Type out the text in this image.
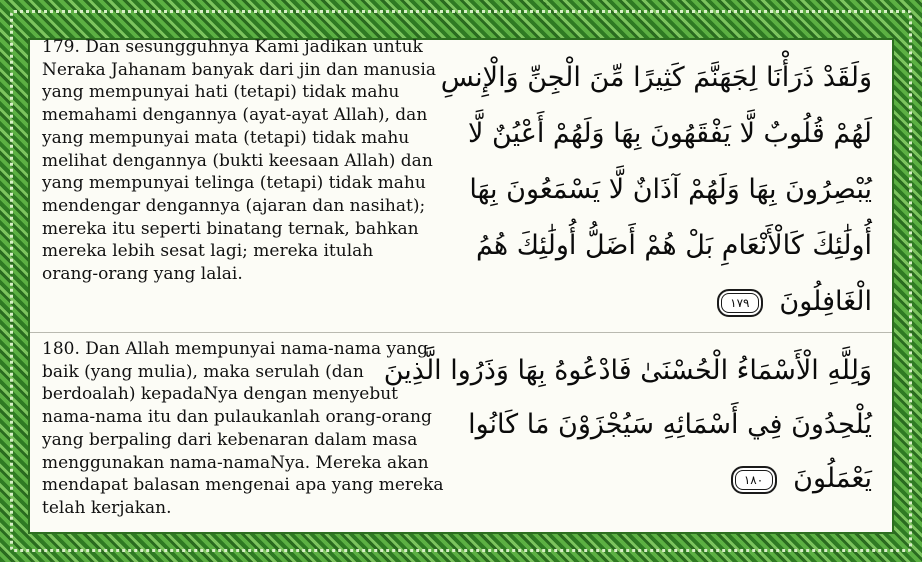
179. Dan sesungguhnya Kami jadikan untuk
Neraka Jahanam banyak dari jin dan manusia
yang mempunyai hati (tetapi) tidak mahu
memahami dengannya (ayat-ayat Allah), dan
yang mempunyai mata (tetapi) tidak mahu
melihat dengannya (bukti keesaan Allah) dan
yang mempunyai telinga (tetapi) tidak mahu
mendengar dengannya (ajaran dan nasihat);
mereka itu seperti binatang ternak, bahkan
mereka lebih sesat lagi; mereka itulah
orang-orang yang lalai.

وَلَقَدْ ذَرَأْنَا لِجَهَنَّمَ كَثِيرًا مِّنَ الْجِنِّ وَالْإِنسِ
لَهُمْ قُلُوبٌ لَّا يَفْقَهُونَ بِهَا وَلَهُمْ أَعْيُنٌ لَّا
يُبْصِرُونَ بِهَا وَلَهُمْ آذَانٌ لَّا يَسْمَعُونَ بِهَا
أُولَٰئِكَ كَالْأَنْعَامِ بَلْ هُمْ أَضَلُّ أُولَٰئِكَ هُمُ
الْغَافِلُونَ ١٧٩

180. Dan Allah mempunyai nama-nama yang
baik (yang mulia), maka serulah (dan
berdoalah) kepadaNya dengan menyebut
nama-nama itu dan pulaukanlah orang-orang
yang berpaling dari kebenaran dalam masa
menggunakan nama-namaNya. Mereka akan
mendapat balasan mengenai apa yang mereka
telah kerjakan.

وَلِلَّهِ الْأَسْمَاءُ الْحُسْنَىٰ فَادْعُوهُ بِهَا وَذَرُوا الَّذِينَ
يُلْحِدُونَ فِي أَسْمَائِهِ سَيُجْزَوْنَ مَا كَانُوا
يَعْمَلُونَ ١٨٠
